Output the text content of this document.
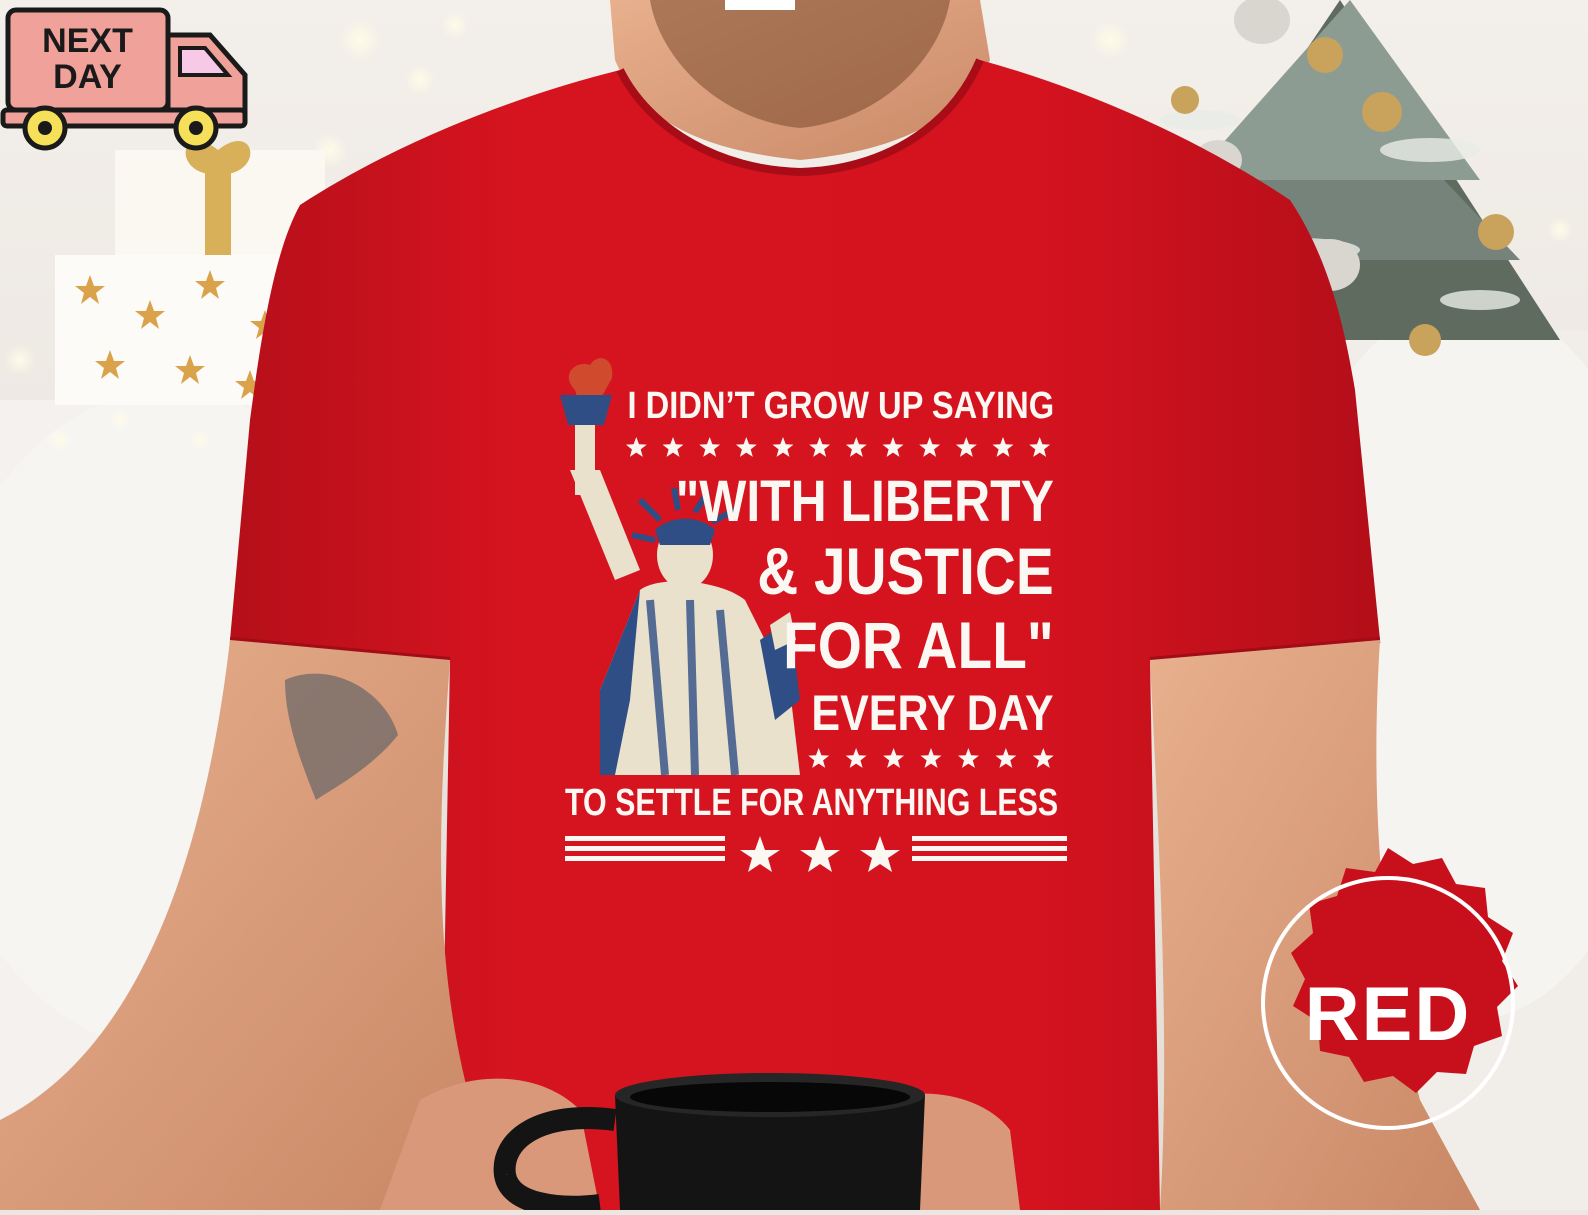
NEXT
DAY
I DIDN’T GROW UP SAYING
"WITH LIBERTY
& JUSTICE
FOR ALL"
EVERY DAY
TO SETTLE FOR ANYTHING LESS
RED
